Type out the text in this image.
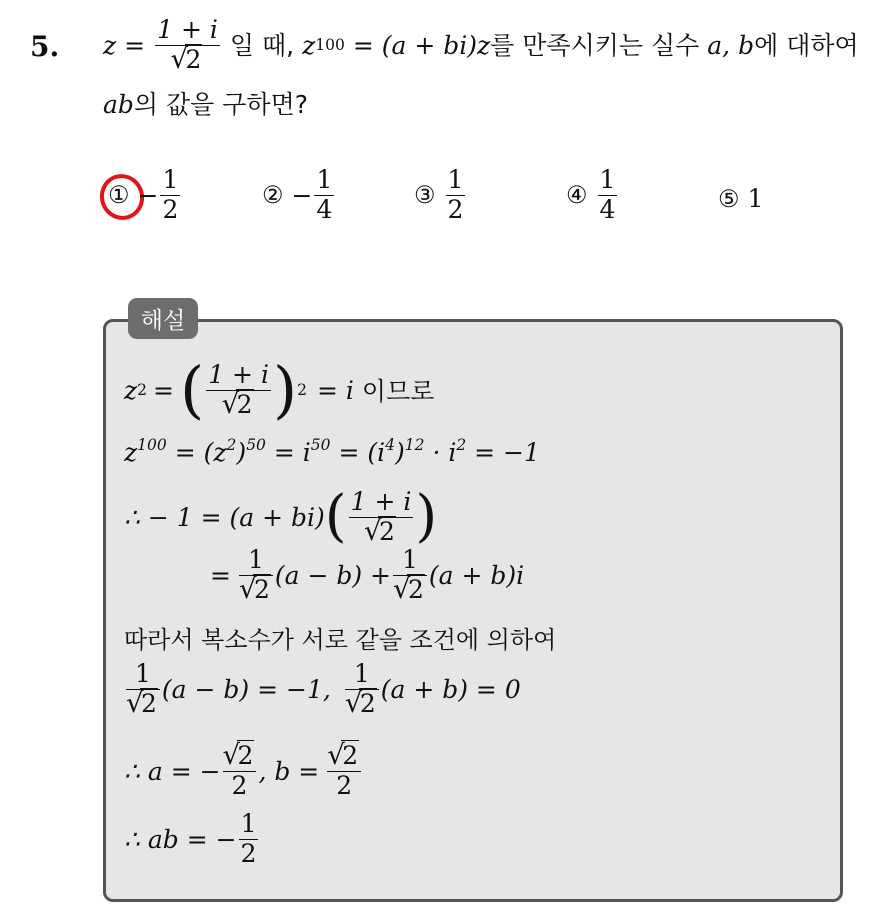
5. z = 1 + i
√ 2 일 때, z 100 = (a + bi)z 를 만족시키는 실수 a, b 에 대하여
ab의 값을 구하면?
① − $\frac{1}{2}$	② − $\frac{1}{4}$	③ $\frac{1}{2}$	④ $\frac{1}{4}$	⑤ 1
해설
z 2 = ( 1 + i
√ 2 ) 2 = i 이므로
$z^{100} = (z^2)^{50} = i^{50} = (i^4)^{12} \cdot i^2 = -1$
∴ − 1 = (a + bi) ( 1 + i
√ 2 )
= 1
√ 2 (a − b) + 1
√ 2 (a + b)i
따라서 복소수가 서로 같을 조건에 의하여
1
√ 2 (a − b) = −1, 1
√ 2 (a + b) = 0
∴ a = − √ $\frac{2}{2}$ , b = √ $\frac{2}{2}$
∴ ab = − $\frac{1}{2}$
